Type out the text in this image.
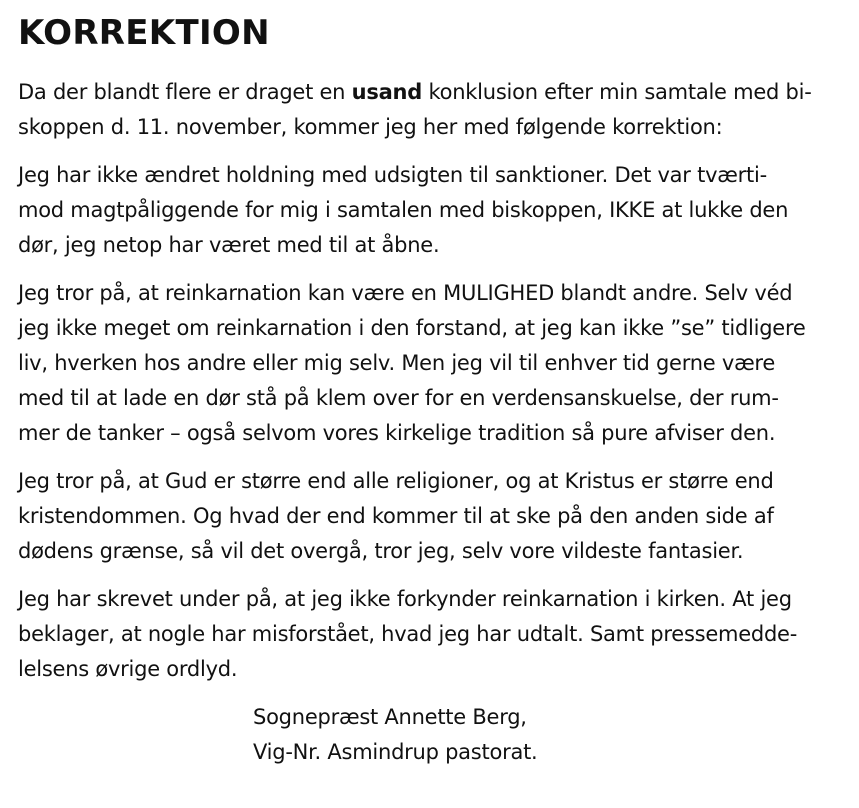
KORREKTION

Da der blandt flere er draget en usand konklusion efter min samtale med bi-
skoppen d. 11. november, kommer jeg her med følgende korrektion:

Jeg har ikke ændret holdning med udsigten til sanktioner. Det var tværti-
mod magtpåliggende for mig i samtalen med biskoppen, IKKE at lukke den
dør, jeg netop har været med til at åbne.

Jeg tror på, at reinkarnation kan være en MULIGHED blandt andre. Selv véd
jeg ikke meget om reinkarnation i den forstand, at jeg kan ikke ”se” tidligere
liv, hverken hos andre eller mig selv. Men jeg vil til enhver tid gerne være
med til at lade en dør stå på klem over for en verdensanskuelse, der rum-
mer de tanker – også selvom vores kirkelige tradition så pure afviser den.

Jeg tror på, at Gud er større end alle religioner, og at Kristus er større end
kristendommen. Og hvad der end kommer til at ske på den anden side af
dødens grænse, så vil det overgå, tror jeg, selv vore vildeste fantasier.

Jeg har skrevet under på, at jeg ikke forkynder reinkarnation i kirken. At jeg
beklager, at nogle har misforstået, hvad jeg har udtalt. Samt pressemedde-
lelsens øvrige ordlyd.

Sognepræst Annette Berg,
Vig-Nr. Asmindrup pastorat.
